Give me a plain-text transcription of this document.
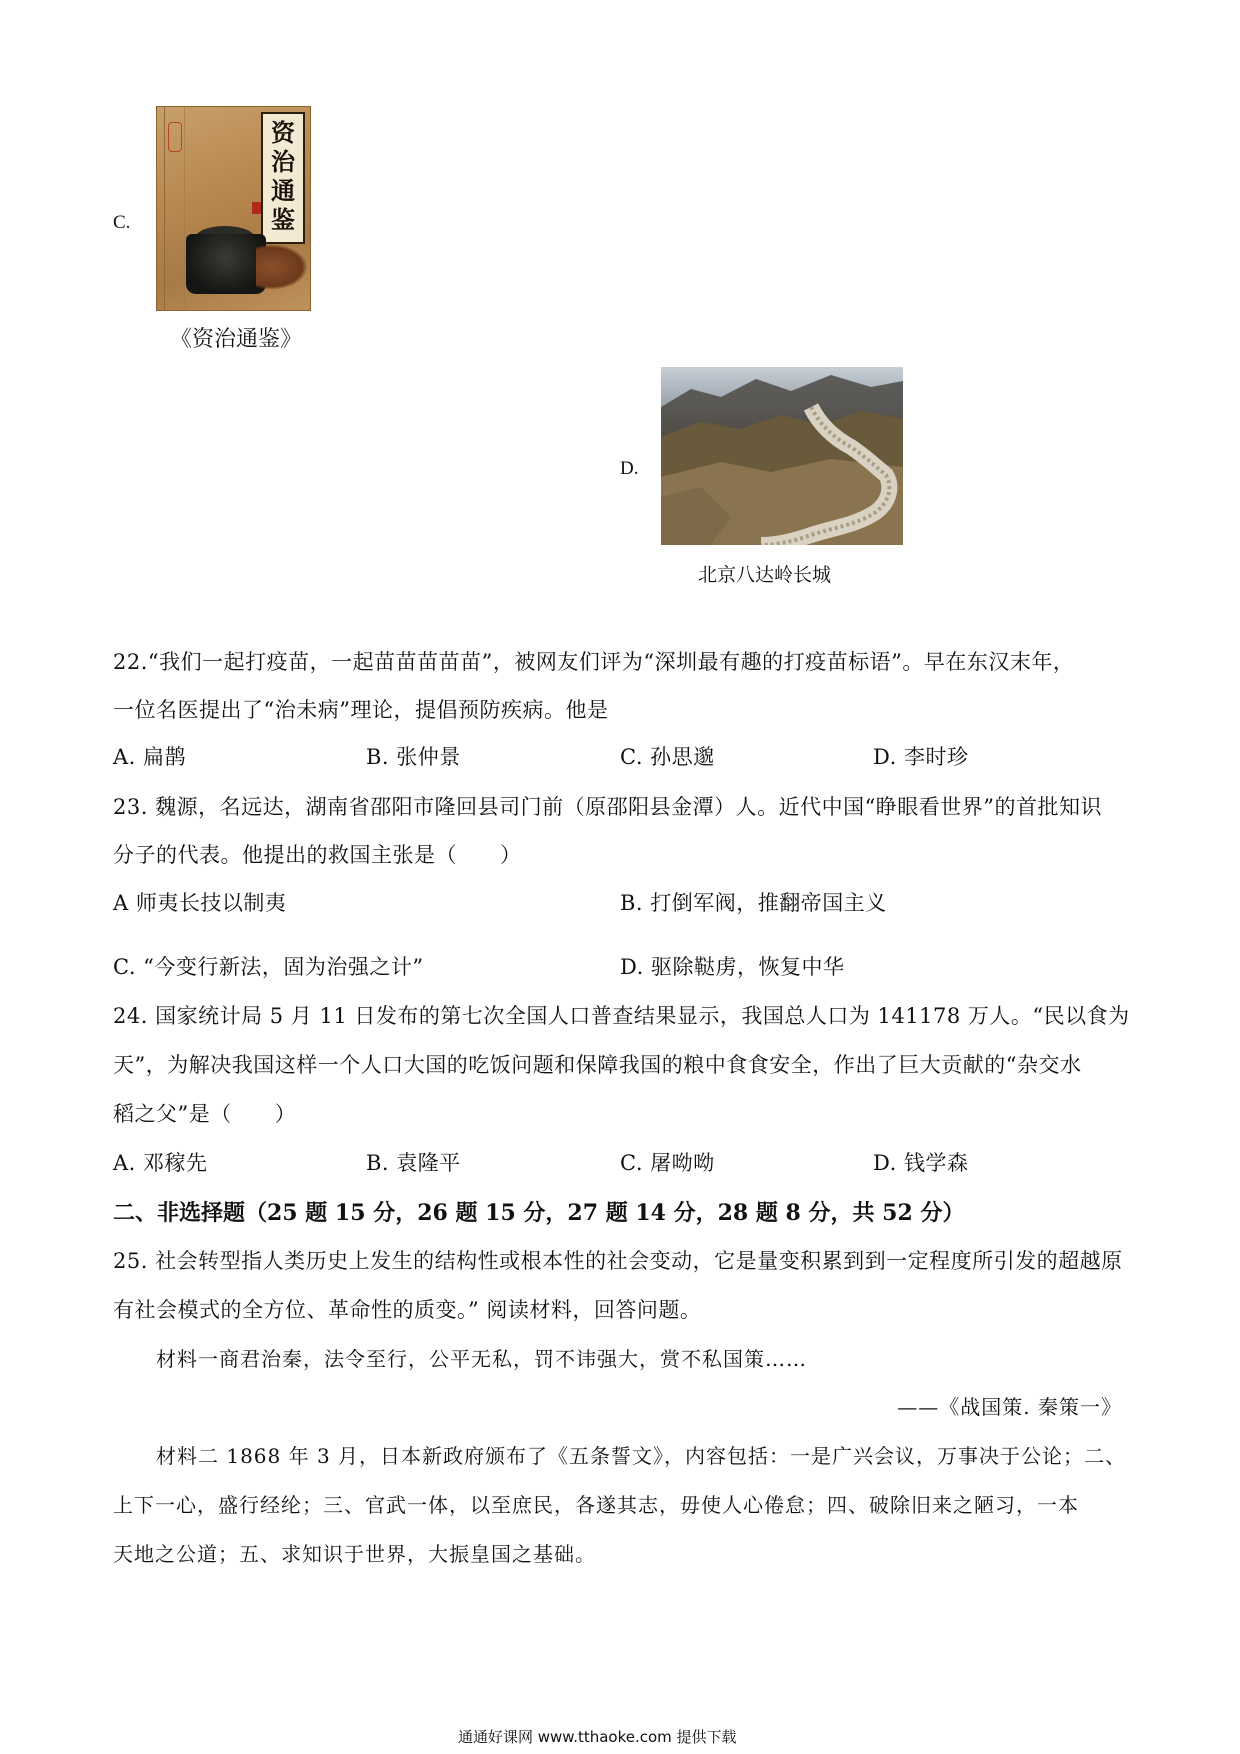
C.
资
治
通
鉴
《资治通鉴》
D.
北京八达岭长城
22.“我们一起打疫苗，一起苗苗苗苗苗”，被网友们评为“深圳最有趣的打疫苗标语”。早在东汉末年，
一位名医提出了“治未病”理论，提倡预防疾病。他是
A. 扁鹊	B. 张仲景	C. 孙思邈	D. 李时珍
23. 魏源，名远达，湖南省邵阳市隆回县司门前（原邵阳县金潭）人。近代中国“睁眼看世界”的首批知识
分子的代表。他提出的救国主张是（　　）
A 师夷长技以制夷	B. 打倒军阀，推翻帝国主义
C. “今变行新法，固为治强之计”	D. 驱除鞑虏，恢复中华
24. 国家统计局 5 月 11 日发布的第七次全国人口普查结果显示，我国总人口为 141178 万人。“民以食为
天”，为解决我国这样一个人口大国的吃饭问题和保障我国的粮中食食安全，作出了巨大贡献的“杂交水
稻之父”是（　　）
A. 邓稼先	B. 袁隆平	C. 屠呦呦	D. 钱学森
二、非选择题（25 题 15 分，26 题 15 分，27 题 14 分，28 题 8 分，共 52 分）
25. 社会转型指人类历史上发生的结构性或根本性的社会变动，它是量变积累到到一定程度所引发的超越原
有社会模式的全方位、革命性的质变。” 阅读材料，回答问题。
材料一商君治秦，法令至行，公平无私，罚不讳强大，赏不私国策……
——《战国策. 秦策一》
材料二 1868 年 3 月，日本新政府颁布了《五条誓文》，内容包括：一是广兴会议，万事决于公论；二、
上下一心，盛行经纶；三、官武一体，以至庶民，各遂其志，毋使人心倦怠；四、破除旧来之陋习，一本
天地之公道；五、求知识于世界，大振皇国之基础。
通通好课网 www.tthaoke.com 提供下载
